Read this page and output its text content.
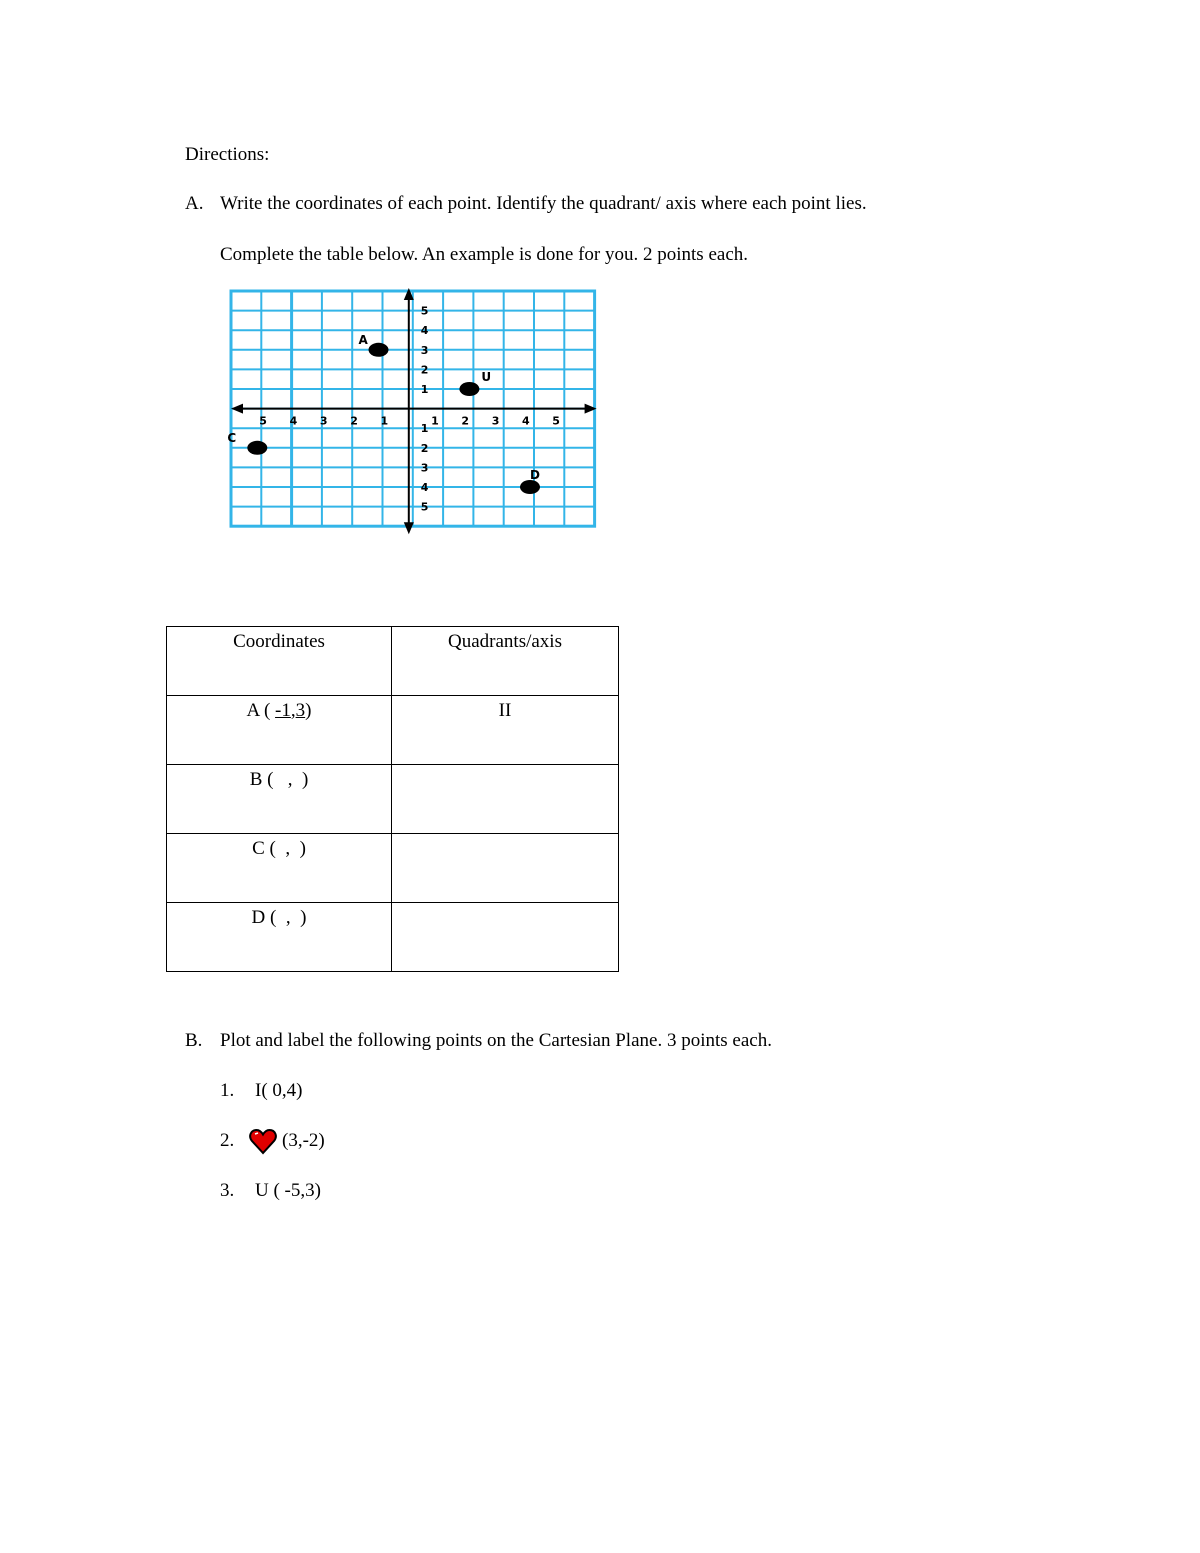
Directions:
A. Write the coordinates of each point. Identify the quadrant/ axis where each point lies.
Complete the table below. An example is done for you. 2 points each.
5 4 3 2 1	1 2 3 4 5
5
4
3
2
1
1
2
3
4
5
A
U
C
D
Coordinates	Quadrants/axis
A ( -1,3)	II
B (   ,  )	
C (  ,  )	
D (  ,  )	
B. Plot and label the following points on the Cartesian Plane. 3 points each.
1. I( 0,4)
2.	(3,-2)
3. U ( -5,3)
